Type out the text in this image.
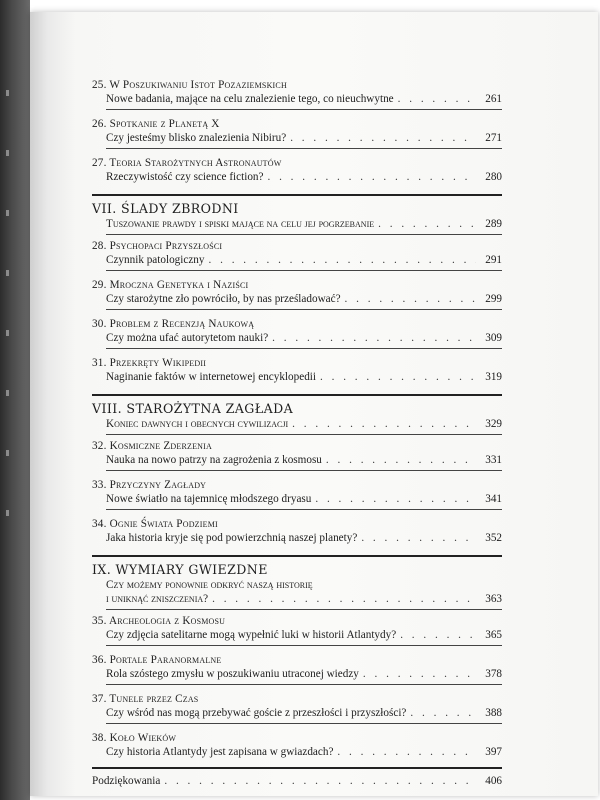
25. W Poszukiwaniu Istot Pozaziemskich
Nowe badania, mające na celu znalezienie tego, co nieuchwytne . . .	261
26. Spotkanie z Planetą X
Czy jesteśmy blisko znalezienia Nibiru? . . .	271
27. Teoria Starożytnych Astronautów
Rzeczywistość czy science fiction? . . .	280
VII. ŚLADY ZBRODNI
Tuszowanie prawdy i spiski mające na celu jej pogrzebanie . . .	289
28. Psychopaci Przyszłości
Czynnik patologiczny . . .	291
29. Mroczna Genetyka i Naziści
Czy starożytne zło powróciło, by nas prześladować? . . .	299
30. Problem z Recenzją Naukową
Czy można ufać autorytetom nauki? . . .	309
31. Przekręty Wikipedii
Naginanie faktów w internetowej encyklopedii . . .	319
VIII. STAROŻYTNA ZAGŁADA
Koniec dawnych i obecnych cywilizacji . . .	329
32. Kosmiczne Zderzenia
Nauka na nowo patrzy na zagrożenia z kosmosu . . .	331
33. Przyczyny Zagłady
Nowe światło na tajemnicę młodszego dryasu . . .	341
34. Ognie Świata Podziemi
Jaka historia kryje się pod powierzchnią naszej planety? . . .	352
IX. WYMIARY GWIEZDNE
Czy możemy ponownie odkryć naszą historię
i uniknąć zniszczenia? . . .	363
35. Archeologia z Kosmosu
Czy zdjęcia satelitarne mogą wypełnić luki w historii Atlantydy? . . .	365
36. Portale Paranormalne
Rola szóstego zmysłu w poszukiwaniu utraconej wiedzy . . .	378
37. Tunele przez Czas
Czy wśród nas mogą przebywać goście z przeszłości i przyszłości? . . .	388
38. Koło Wieków
Czy historia Atlantydy jest zapisana w gwiazdach? . . .	397
Podziękowania . . .	406
